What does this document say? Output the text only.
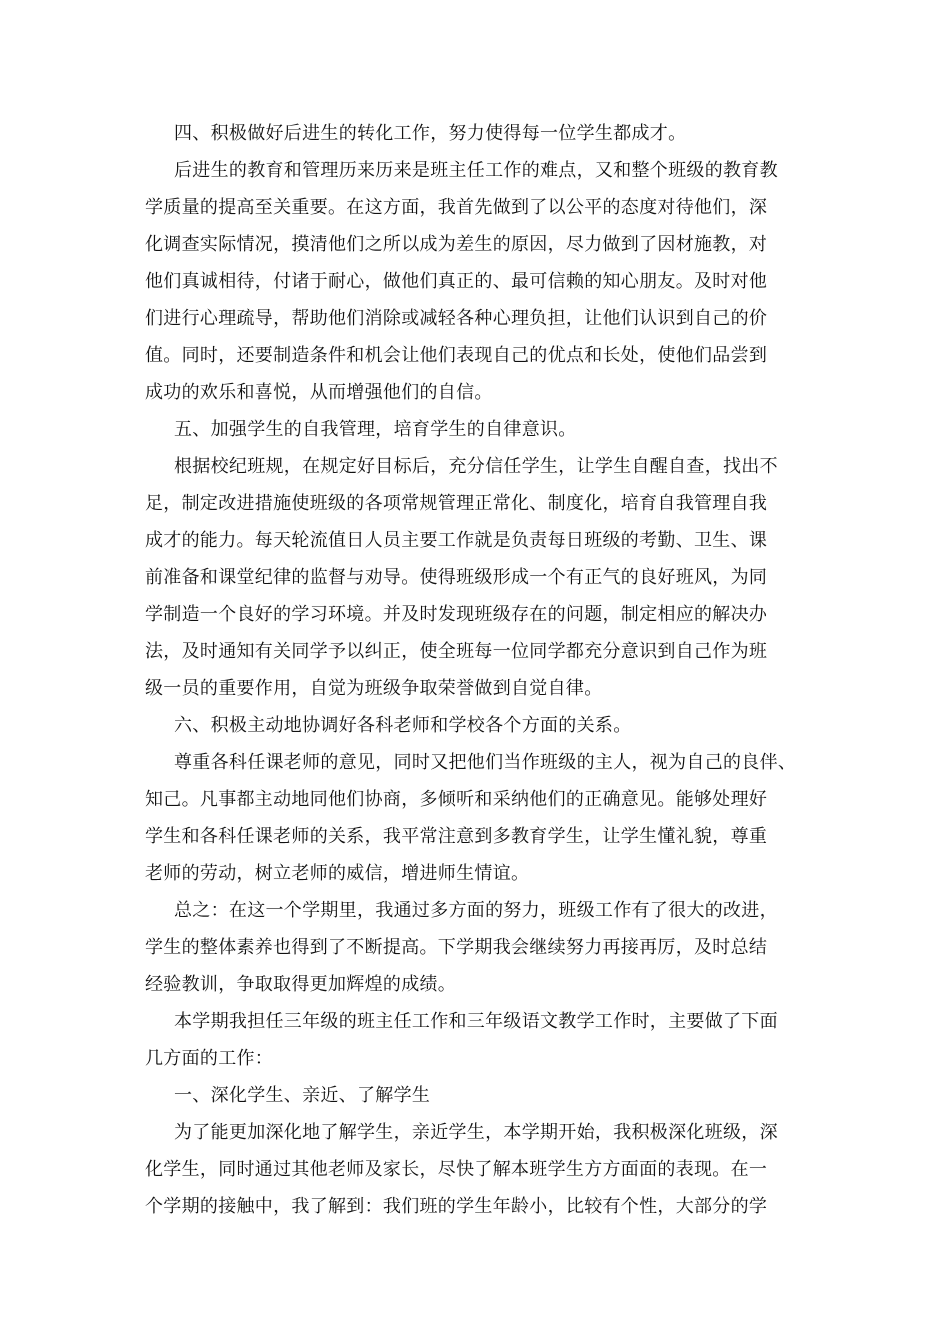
四、积极做好后进生的转化工作，努力使得每一位学生都成才。
后进生的教育和管理历来历来是班主任工作的难点，又和整个班级的教育教
学质量的提高至关重要。在这方面，我首先做到了以公平的态度对待他们，深
化调查实际情况，摸清他们之所以成为差生的原因，尽力做到了因材施教，对
他们真诚相待，付诸于耐心，做他们真正的、最可信赖的知心朋友。及时对他
们进行心理疏导，帮助他们消除或减轻各种心理负担，让他们认识到自己的价
值。同时，还要制造条件和机会让他们表现自己的优点和长处，使他们品尝到
成功的欢乐和喜悦，从而增强他们的自信。
五、加强学生的自我管理，培育学生的自律意识。
根据校纪班规，在规定好目标后，充分信任学生，让学生自醒自查，找出不
足，制定改进措施使班级的各项常规管理正常化、制度化，培育自我管理自我
成才的能力。每天轮流值日人员主要工作就是负责每日班级的考勤、卫生、课
前准备和课堂纪律的监督与劝导。使得班级形成一个有正气的良好班风，为同
学制造一个良好的学习环境。并及时发现班级存在的问题，制定相应的解决办
法，及时通知有关同学予以纠正，使全班每一位同学都充分意识到自己作为班
级一员的重要作用，自觉为班级争取荣誉做到自觉自律。
六、积极主动地协调好各科老师和学校各个方面的关系。
尊重各科任课老师的意见，同时又把他们当作班级的主人，视为自己的良伴、
知己。凡事都主动地同他们协商，多倾听和采纳他们的正确意见。能够处理好
学生和各科任课老师的关系，我平常注意到多教育学生，让学生懂礼貌，尊重
老师的劳动，树立老师的威信，增进师生情谊。
总之：在这一个学期里，我通过多方面的努力，班级工作有了很大的改进，
学生的整体素养也得到了不断提高。下学期我会继续努力再接再厉，及时总结
经验教训，争取取得更加辉煌的成绩。
本学期我担任三年级的班主任工作和三年级语文教学工作时，主要做了下面
几方面的工作：
一、深化学生、亲近、了解学生
为了能更加深化地了解学生，亲近学生，本学期开始，我积极深化班级，深
化学生，同时通过其他老师及家长，尽快了解本班学生方方面面的表现。在一
个学期的接触中，我了解到：我们班的学生年龄小，比较有个性，大部分的学
